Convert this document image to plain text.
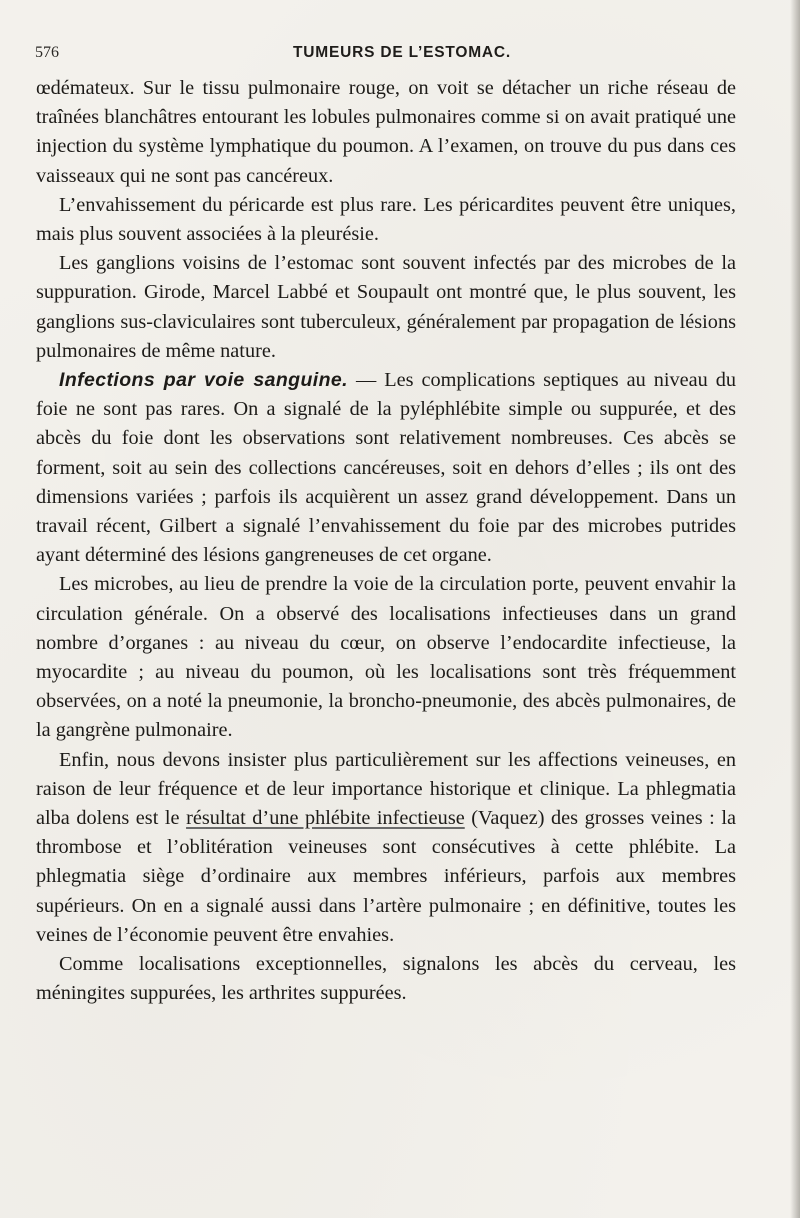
576	TUMEURS DE L’ESTOMAC.

œdémateux. Sur le tissu pulmonaire rouge, on voit se détacher un riche réseau de traînées blanchâtres entourant les lobules pulmonaires comme si on avait pratiqué une injection du système lymphatique du poumon. A l’examen, on trouve du pus dans ces vaisseaux qui ne sont pas cancéreux.

L’envahissement du péricarde est plus rare. Les péricardites peuvent être uniques, mais plus souvent associées à la pleurésie.

Les ganglions voisins de l’estomac sont souvent infectés par des microbes de la suppuration. Girode, Marcel Labbé et Soupault ont montré que, le plus souvent, les ganglions sus-claviculaires sont tuberculeux, généralement par propagation de lésions pulmonaires de même nature.

Infections par voie sanguine. — Les complications septiques au niveau du foie ne sont pas rares. On a signalé de la pyléphlébite simple ou suppurée, et des abcès du foie dont les observations sont relativement nombreuses. Ces abcès se forment, soit au sein des collections cancéreuses, soit en dehors d’elles ; ils ont des dimensions variées ; parfois ils acquièrent un assez grand développement. Dans un travail récent, Gilbert a signalé l’envahissement du foie par des microbes putrides ayant déterminé des lésions gangreneuses de cet organe.

Les microbes, au lieu de prendre la voie de la circulation porte, peuvent envahir la circulation générale. On a observé des localisations infectieuses dans un grand nombre d’organes : au niveau du cœur, on observe l’endocardite infectieuse, la myocardite ; au niveau du poumon, où les localisations sont très fréquemment observées, on a noté la pneumonie, la broncho-pneumonie, des abcès pulmonaires, de la gangrène pulmonaire.

Enfin, nous devons insister plus particulièrement sur les affections veineuses, en raison de leur fréquence et de leur importance historique et clinique. La phlegmatia alba dolens est le résultat d’une phlébite infectieuse (Vaquez) des grosses veines : la thrombose et l’oblitération veineuses sont consécutives à cette phlébite. La phlegmatia siège d’ordinaire aux membres inférieurs, parfois aux membres supérieurs. On en a signalé aussi dans l’artère pulmonaire ; en définitive, toutes les veines de l’économie peuvent être envahies.

Comme localisations exceptionnelles, signalons les abcès du cerveau, les méningites suppurées, les arthrites suppurées.
